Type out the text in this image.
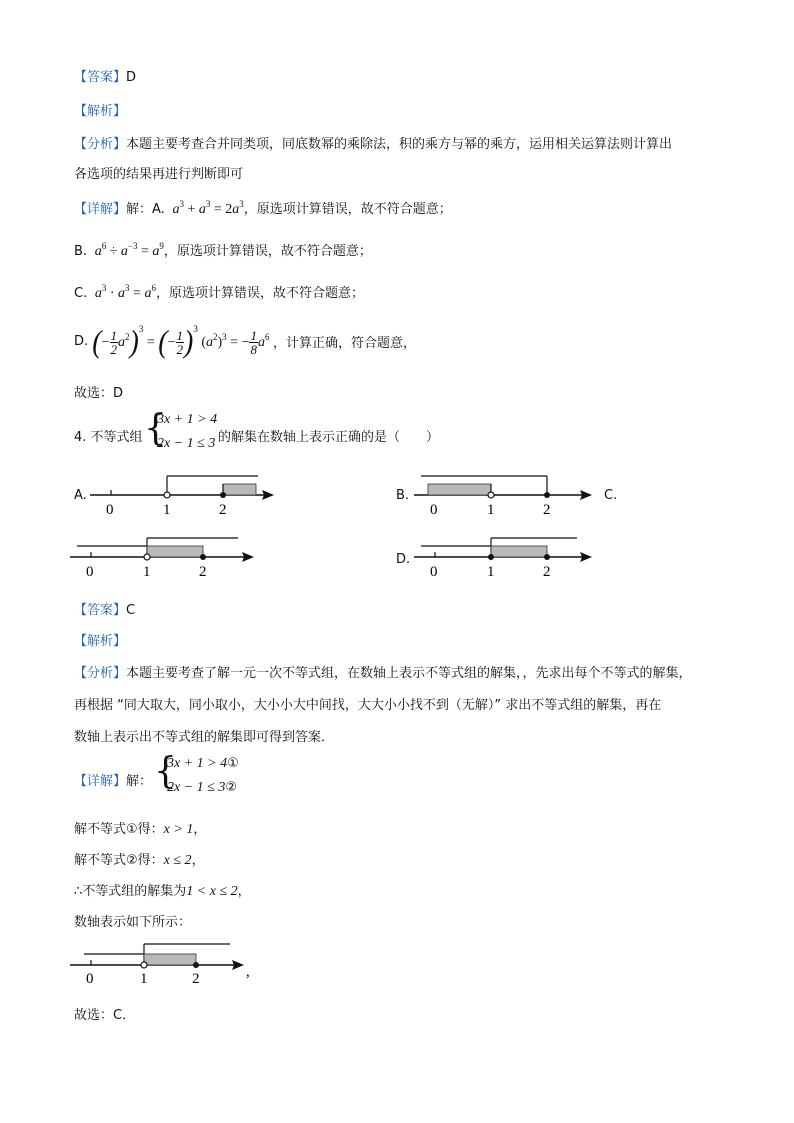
【答案】D
【解析】
【分析】本题主要考查合并同类项，同底数幂的乘除法，积的乘方与幂的乘方，运用相关运算法则计算出
各选项的结果再进行判断即可
【详解】解：A.  $a^3 + a^3 = 2a^3$，原选项计算错误，故不符合题意；
B.  $a^6 \div a^{-3} = a^9$，原选项计算错误，故不符合题意；
C.  $a^3 \cdot a^3 = a^6$，原选项计算错误，故不符合题意；
D. (− $\frac{1}{2} a^2)^3$ = (− $\frac{1}{2} )^3$ $(a^2)^3$ = − $\frac{1}{8} a^6$ ，计算正确，符合题意，
故选：D
4. 不等式组 {
3x + 1 > 4
2x − 1 ≤ 3 的解集在数轴上表示正确的是（　　）
A.
0	1	2
B.
0	1	2
C.
0	1	2
D.
0	1	2
【答案】C
【解析】
【分析】本题主要考查了解一元一次不等式组，在数轴上表示不等式组的解集，，先求出每个不等式的解集，
再根据 “同大取大，同小取小，大小小大中间找，大大小小找不到（无解）” 求出不等式组的解集，再在
数轴上表示出不等式组的解集即可得到答案．
【详解】解： {
3x + 1 > 4①
2x − 1 ≤ 3②
解不等式①得：x > 1，
解不等式②得：x ≤ 2，
∴不等式组的解集为1 < x ≤ 2，
数轴表示如下所示：
0	1	2	,
故选：C．
